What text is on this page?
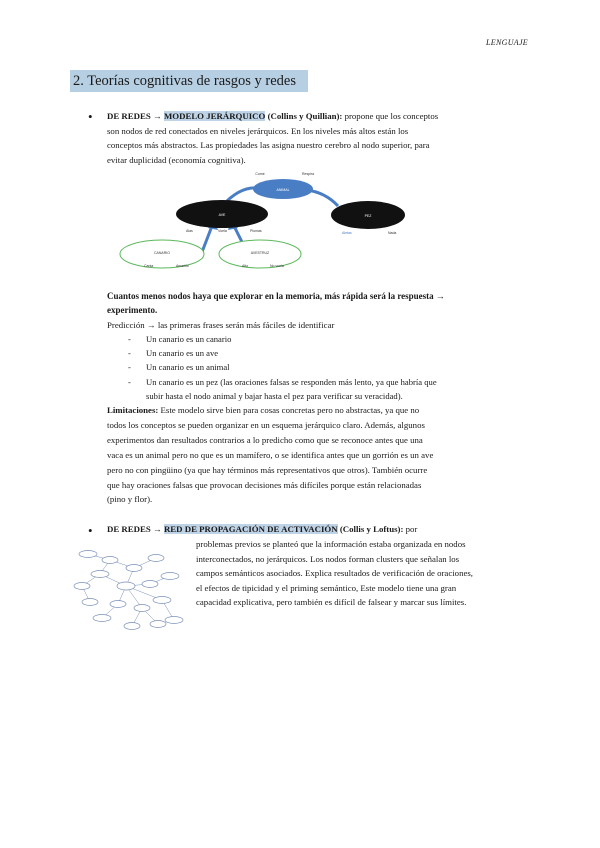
LENGUAJE
2. Teorías cognitivas de rasgos y redes
• DE REDES → MODELO JERÁRQUICO (Collins y Quillian): propone que los conceptos
son nodos de red conectados en niveles jerárquicos. En los niveles más altos están los
conceptos más abstractos. Las propiedades las asigna nuestro cerebro al nodo superior, para
evitar duplicidad (economía cognitiva).
ANIMAL
Come	Respira
AVE
Alas	Vuela	Plumas
PEZ
Aletas	Nada
CANARIO
Canta	Amarillo
AVESTRUZ
Alto	No vuela
Cuantos menos nodos haya que explorar en la memoria, más rápida será la respuesta →
experimento.
Predicción → las primeras frases serán más fáciles de identificar
- Un canario es un canario
- Un canario es un ave
- Un canario es un animal
- Un canario es un pez (las oraciones falsas se responden más lento, ya que habría que
subir hasta el nodo animal y bajar hasta el pez para verificar su veracidad).
Limitaciones: Este modelo sirve bien para cosas concretas pero no abstractas, ya que no
todos los conceptos se pueden organizar en un esquema jerárquico claro. Además, algunos
experimentos dan resultados contrarios a lo predicho como que se reconoce antes que una
vaca es un animal pero no que es un mamífero, o se identifica antes que un gorrión es un ave
pero no con pingüino (ya que hay términos más representativos que otros). También ocurre
que hay oraciones falsas que provocan decisiones más difíciles porque están relacionadas
(pino y flor).
• DE REDES → RED DE PROPAGACIÓN DE ACTIVACIÓN (Collis y Loftus): por
problemas previos se planteó que la información estaba organizada en nodos
interconectados, no jerárquicos. Los nodos forman clusters que señalan los
campos semánticos asociados. Explica resultados de verificación de oraciones,
el efectos de tipicidad y el priming semántico, Este modelo tiene una gran
capacidad explicativa, pero también es difícil de falsear y marcar sus límites.
